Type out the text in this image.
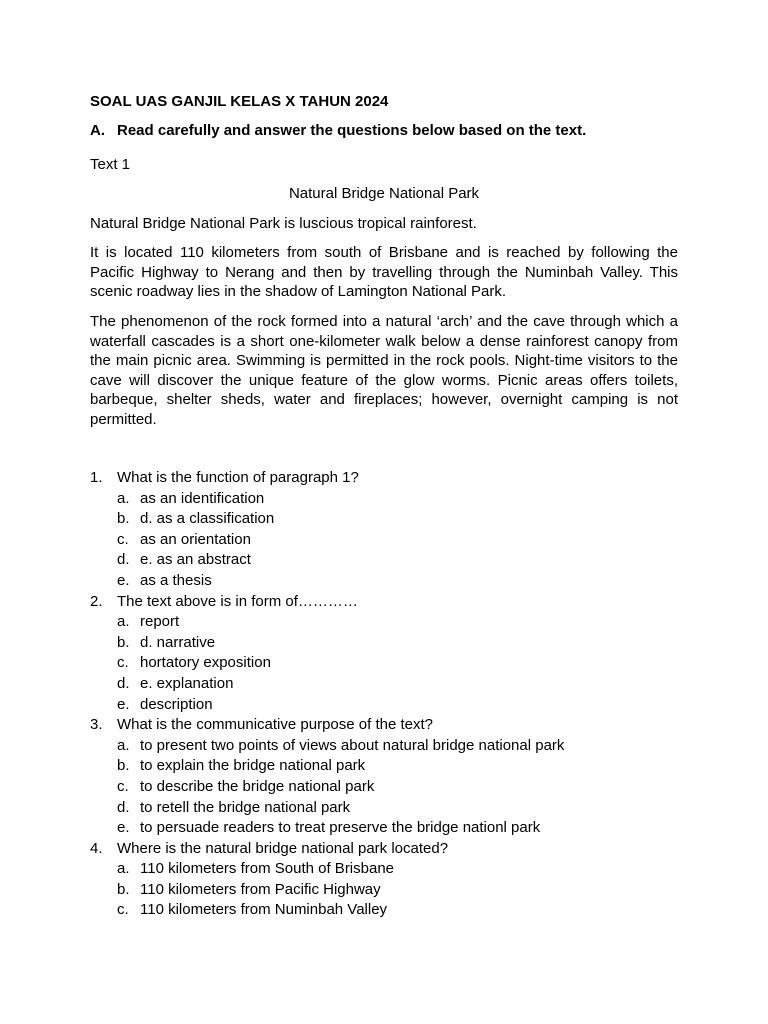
SOAL UAS GANJIL KELAS X TAHUN 2024
A. Read carefully and answer the questions below based on the text.
Text 1
Natural Bridge National Park

Natural Bridge National Park is luscious tropical rainforest.

It is located 110 kilometers from south of Brisbane and is reached by following the Pacific Highway to Nerang and then by travelling through the Numinbah Valley. This scenic roadway lies in the shadow of Lamington National Park.

The phenomenon of the rock formed into a natural ‘arch’ and the cave through which a waterfall cascades is a short one-kilometer walk below a dense rainforest canopy from the main picnic area. Swimming is permitted in the rock pools. Night-time visitors to the cave will discover the unique feature of the glow worms. Picnic areas offers toilets, barbeque, shelter sheds, water and fireplaces; however, overnight camping is not permitted.

1. What is the function of paragraph 1?
a. as an identification
b. d. as a classification
c. as an orientation
d. e. as an abstract
e. as a thesis
2. The text above is in form of…………
a. report
b. d. narrative
c. hortatory exposition
d. e. explanation
e. description
3. What is the communicative purpose of the text?
a. to present two points of views about natural bridge national park
b. to explain the bridge national park
c. to describe the bridge national park
d. to retell the bridge national park
e. to persuade readers to treat preserve the bridge nationl park
4. Where is the natural bridge national park located?
a. 110 kilometers from South of Brisbane
b. 110 kilometers from Pacific Highway
c. 110 kilometers from Numinbah Valley
